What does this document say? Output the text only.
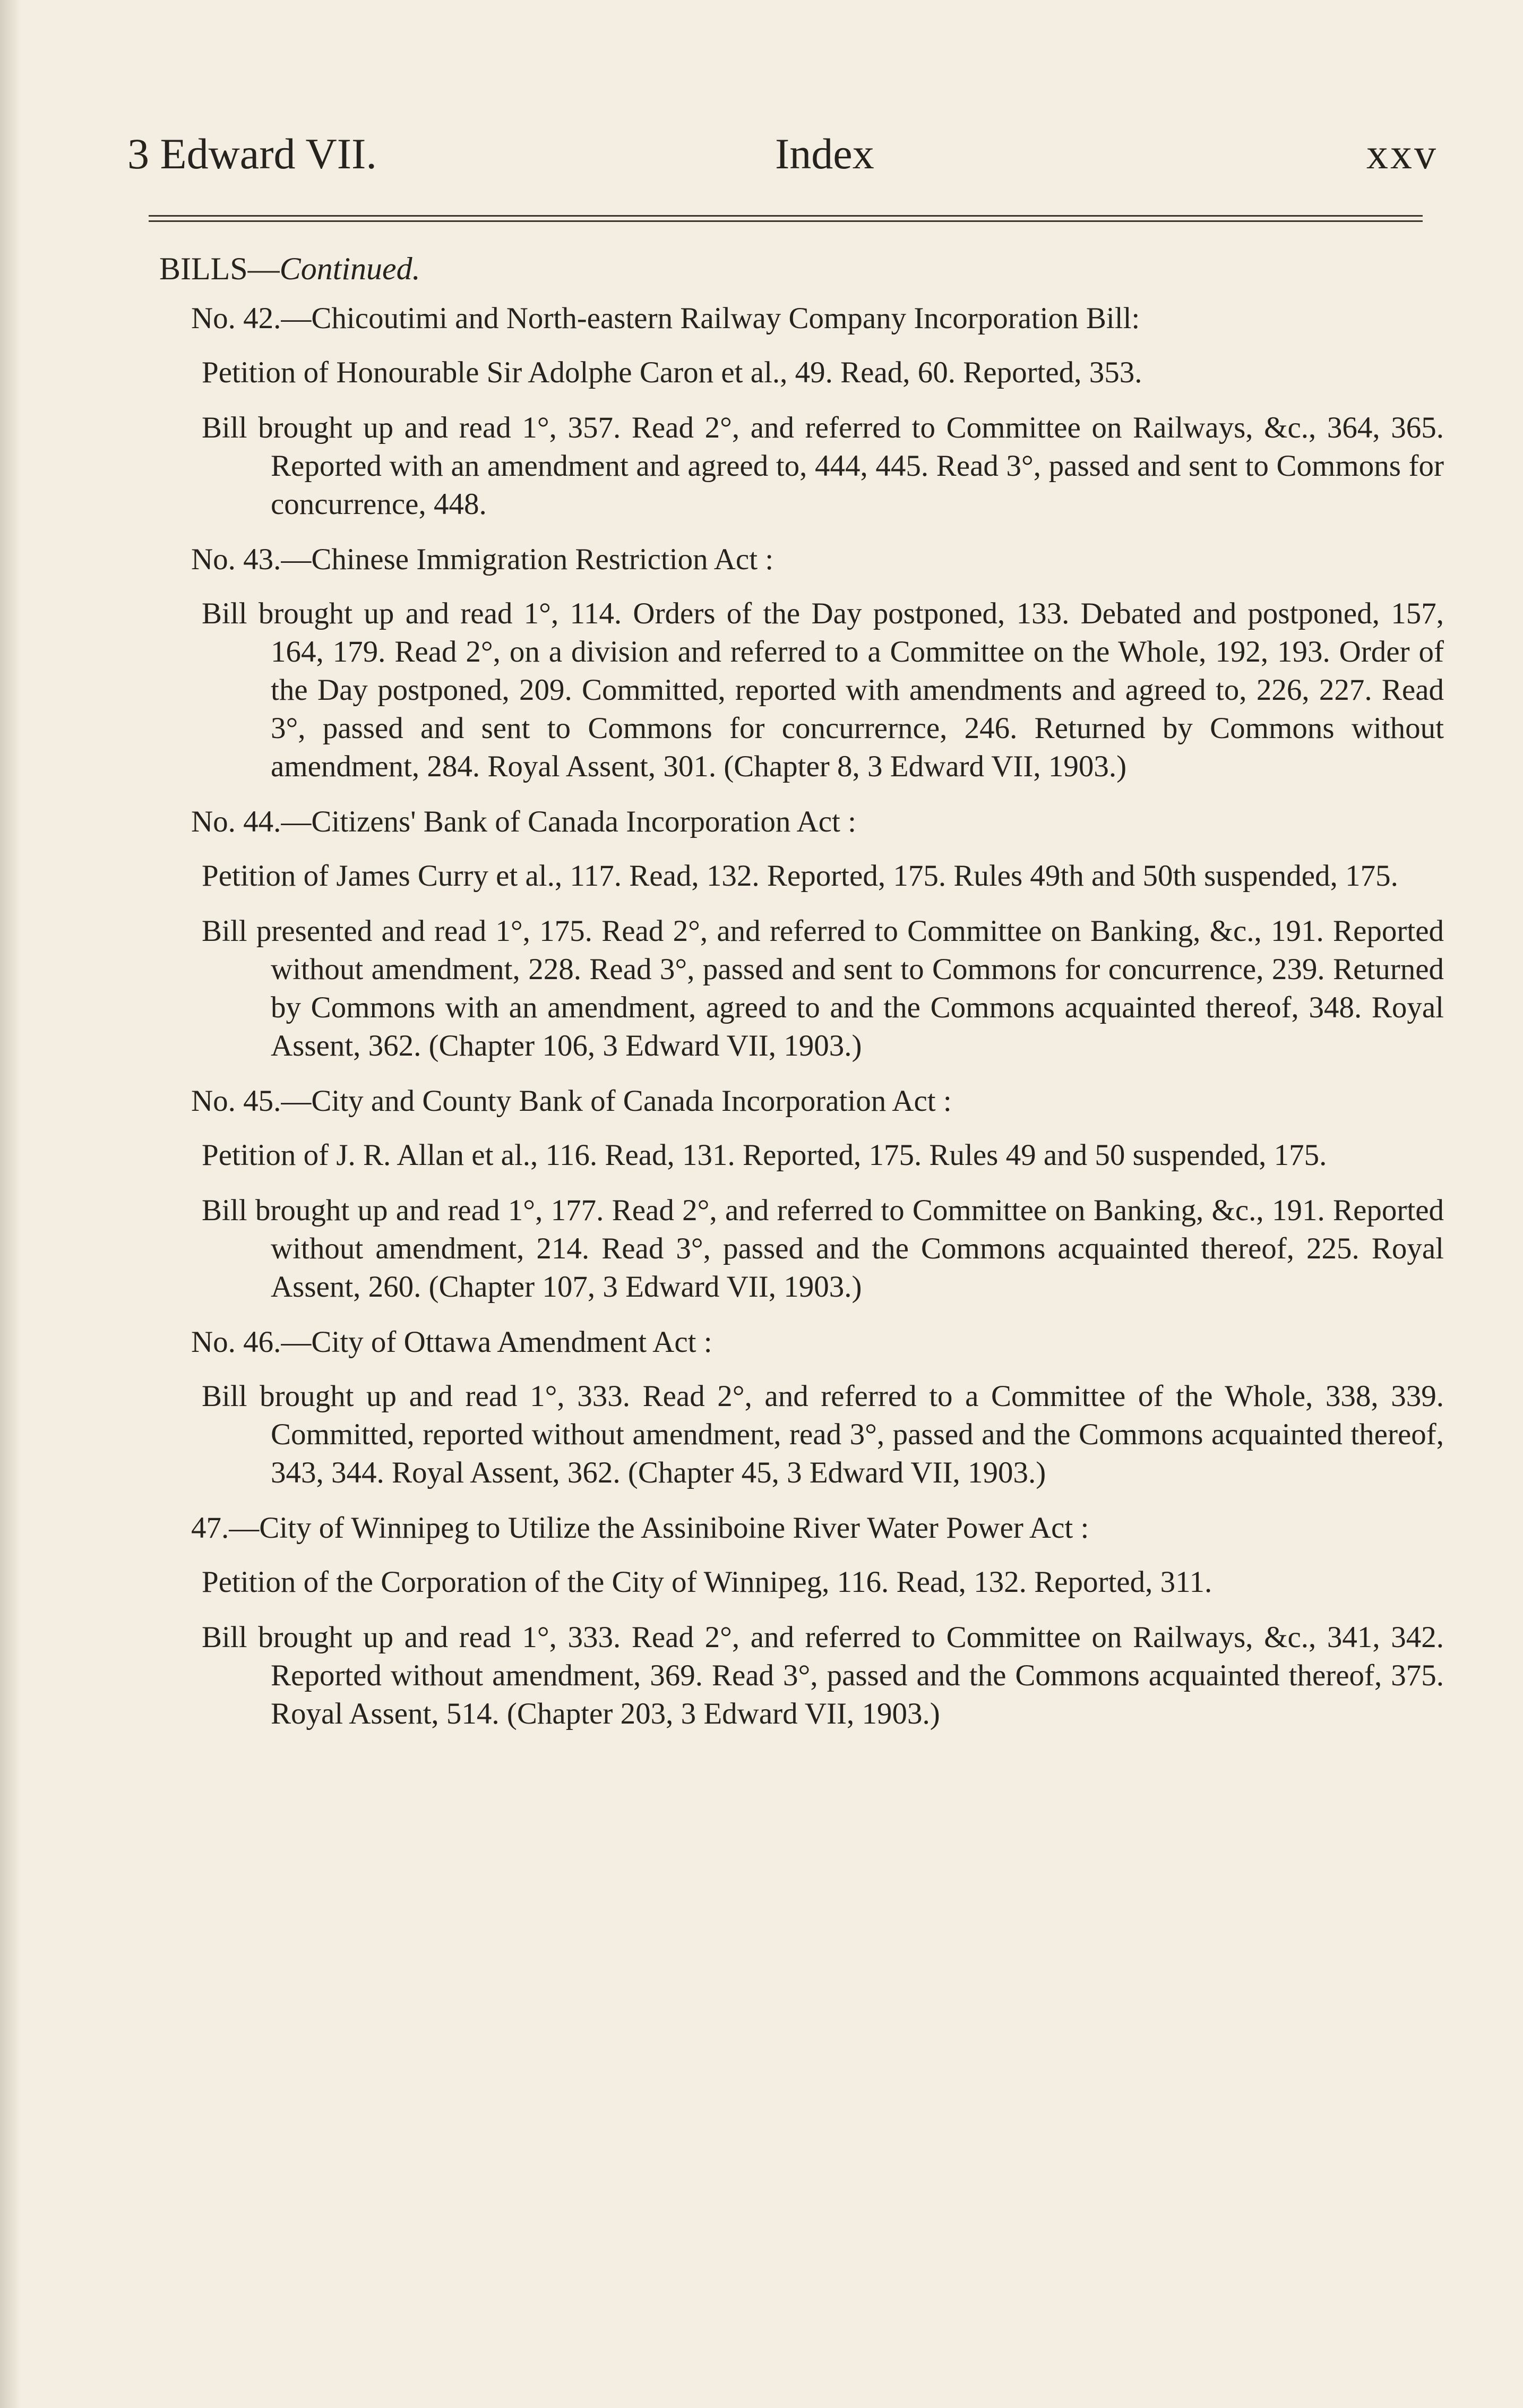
3 Edward VII.	Index	xxv
BILLS—Continued.
No. 42.—Chicoutimi and North-eastern Railway Company Incorporation Bill:
Petition of Honourable Sir Adolphe Caron et al., 49. Read, 60. Reported, 353.
Bill brought up and read 1°, 357. Read 2°, and referred to Committee on Railways, &c., 364, 365. Reported with an amendment and agreed to, 444, 445. Read 3°, passed and sent to Commons for concurrence, 448.
No. 43.—Chinese Immigration Restriction Act :
Bill brought up and read 1°, 114. Orders of the Day postponed, 133. Debated and postponed, 157, 164, 179. Read 2°, on a division and referred to a Committee on the Whole, 192, 193. Order of the Day postponed, 209. Committed, reported with amendments and agreed to, 226, 227. Read 3°, passed and sent to Commons for concurrernce, 246. Returned by Commons without amendment, 284. Royal Assent, 301. (Chapter 8, 3 Edward VII, 1903.)
No. 44.—Citizens' Bank of Canada Incorporation Act :
Petition of James Curry et al., 117. Read, 132. Reported, 175. Rules 49th and 50th suspended, 175.
Bill presented and read 1°, 175. Read 2°, and referred to Committee on Banking, &c., 191. Reported without amendment, 228. Read 3°, passed and sent to Commons for concurrence, 239. Returned by Commons with an amendment, agreed to and the Commons acquainted thereof, 348. Royal Assent, 362. (Chapter 106, 3 Edward VII, 1903.)
No. 45.—City and County Bank of Canada Incorporation Act :
Petition of J. R. Allan et al., 116. Read, 131. Reported, 175. Rules 49 and 50 suspended, 175.
Bill brought up and read 1°, 177. Read 2°, and referred to Committee on Banking, &c., 191. Reported without amendment, 214. Read 3°, passed and the Commons acquainted thereof, 225. Royal Assent, 260. (Chapter 107, 3 Edward VII, 1903.)
No. 46.—City of Ottawa Amendment Act :
Bill brought up and read 1°, 333. Read 2°, and referred to a Committee of the Whole, 338, 339. Committed, reported without amendment, read 3°, passed and the Commons acquainted thereof, 343, 344. Royal Assent, 362. (Chapter 45, 3 Edward VII, 1903.)
47.—City of Winnipeg to Utilize the Assiniboine River Water Power Act :
Petition of the Corporation of the City of Winnipeg, 116. Read, 132. Reported, 311.
Bill brought up and read 1°, 333. Read 2°, and referred to Committee on Railways, &c., 341, 342. Reported without amendment, 369. Read 3°, passed and the Commons acquainted thereof, 375. Royal Assent, 514. (Chapter 203, 3 Edward VII, 1903.)
